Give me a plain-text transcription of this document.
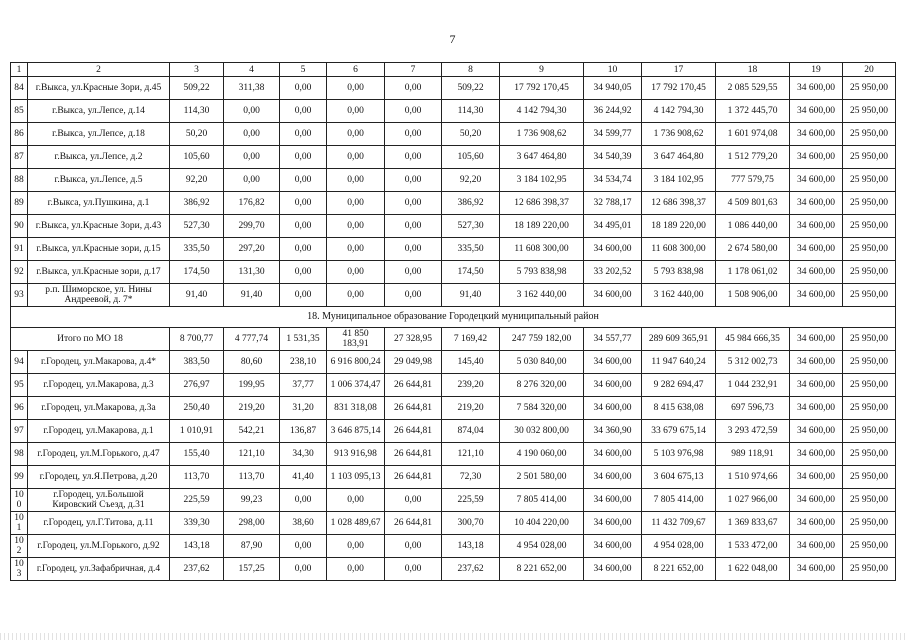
7
1	2	3	4	5	6	7	8	9	10	17	18	19	20
84	г.Выкса, ул.Красные Зори, д.45	509,22	311,38	0,00	0,00	0,00	509,22	17 792 170,45	34 940,05	17 792 170,45	2 085 529,55	34 600,00	25 950,00
85	г.Выкса, ул.Лепсе, д.14	114,30	0,00	0,00	0,00	0,00	114,30	4 142 794,30	36 244,92	4 142 794,30	1 372 445,70	34 600,00	25 950,00
86	г.Выкса, ул.Лепсе, д.18	50,20	0,00	0,00	0,00	0,00	50,20	1 736 908,62	34 599,77	1 736 908,62	1 601 974,08	34 600,00	25 950,00
87	г.Выкса, ул.Лепсе, д.2	105,60	0,00	0,00	0,00	0,00	105,60	3 647 464,80	34 540,39	3 647 464,80	1 512 779,20	34 600,00	25 950,00
88	г.Выкса, ул.Лепсе, д.5	92,20	0,00	0,00	0,00	0,00	92,20	3 184 102,95	34 534,74	3 184 102,95	777 579,75	34 600,00	25 950,00
89	г.Выкса, ул.Пушкина, д.1	386,92	176,82	0,00	0,00	0,00	386,92	12 686 398,37	32 788,17	12 686 398,37	4 509 801,63	34 600,00	25 950,00
90	г.Выкса, ул.Красные Зори, д.43	527,30	299,70	0,00	0,00	0,00	527,30	18 189 220,00	34 495,01	18 189 220,00	1 086 440,00	34 600,00	25 950,00
91	г.Выкса, ул.Красные зори, д.15	335,50	297,20	0,00	0,00	0,00	335,50	11 608 300,00	34 600,00	11 608 300,00	2 674 580,00	34 600,00	25 950,00
92	г.Выкса, ул.Красные зори, д.17	174,50	131,30	0,00	0,00	0,00	174,50	5 793 838,98	33 202,52	5 793 838,98	1 178 061,02	34 600,00	25 950,00
93	р.п. Шиморское, ул. Нины Андреевой, д. 7*	91,40	91,40	0,00	0,00	0,00	91,40	3 162 440,00	34 600,00	3 162 440,00	1 508 906,00	34 600,00	25 950,00
18. Муниципальное образование Городецкий муниципальный район													
Итого по МО 18		8 700,77	4 777,74	1 531,35	41 850 183,91	27 328,95	7 169,42	247 759 182,00	34 557,77	289 609 365,91	45 984 666,35	34 600,00	25 950,00
94	г.Городец, ул.Макарова, д.4*	383,50	80,60	238,10	6 916 800,24	29 049,98	145,40	5 030 840,00	34 600,00	11 947 640,24	5 312 002,73	34 600,00	25 950,00
95	г.Городец, ул.Макарова, д.3	276,97	199,95	37,77	1 006 374,47	26 644,81	239,20	8 276 320,00	34 600,00	9 282 694,47	1 044 232,91	34 600,00	25 950,00
96	г.Городец, ул.Макарова, д.3а	250,40	219,20	31,20	831 318,08	26 644,81	219,20	7 584 320,00	34 600,00	8 415 638,08	697 596,73	34 600,00	25 950,00
97	г.Городец, ул.Макарова, д.1	1 010,91	542,21	136,87	3 646 875,14	26 644,81	874,04	30 032 800,00	34 360,90	33 679 675,14	3 293 472,59	34 600,00	25 950,00
98	г.Городец, ул.М.Горького, д.47	155,40	121,10	34,30	913 916,98	26 644,81	121,10	4 190 060,00	34 600,00	5 103 976,98	989 118,91	34 600,00	25 950,00
99	г.Городец, ул.Я.Петрова, д.20	113,70	113,70	41,40	1 103 095,13	26 644,81	72,30	2 501 580,00	34 600,00	3 604 675,13	1 510 974,66	34 600,00	25 950,00
10 0	г.Городец, ул.Большой Кировский Съезд, д.31	225,59	99,23	0,00	0,00	0,00	225,59	7 805 414,00	34 600,00	7 805 414,00	1 027 966,00	34 600,00	25 950,00
10 1	г.Городец, ул.Г.Титова, д.11	339,30	298,00	38,60	1 028 489,67	26 644,81	300,70	10 404 220,00	34 600,00	11 432 709,67	1 369 833,67	34 600,00	25 950,00
10 2	г.Городец, ул.М.Горького, д.92	143,18	87,90	0,00	0,00	0,00	143,18	4 954 028,00	34 600,00	4 954 028,00	1 533 472,00	34 600,00	25 950,00
10 3	г.Городец, ул.Зафабричная, д.4	237,62	157,25	0,00	0,00	0,00	237,62	8 221 652,00	34 600,00	8 221 652,00	1 622 048,00	34 600,00	25 950,00
